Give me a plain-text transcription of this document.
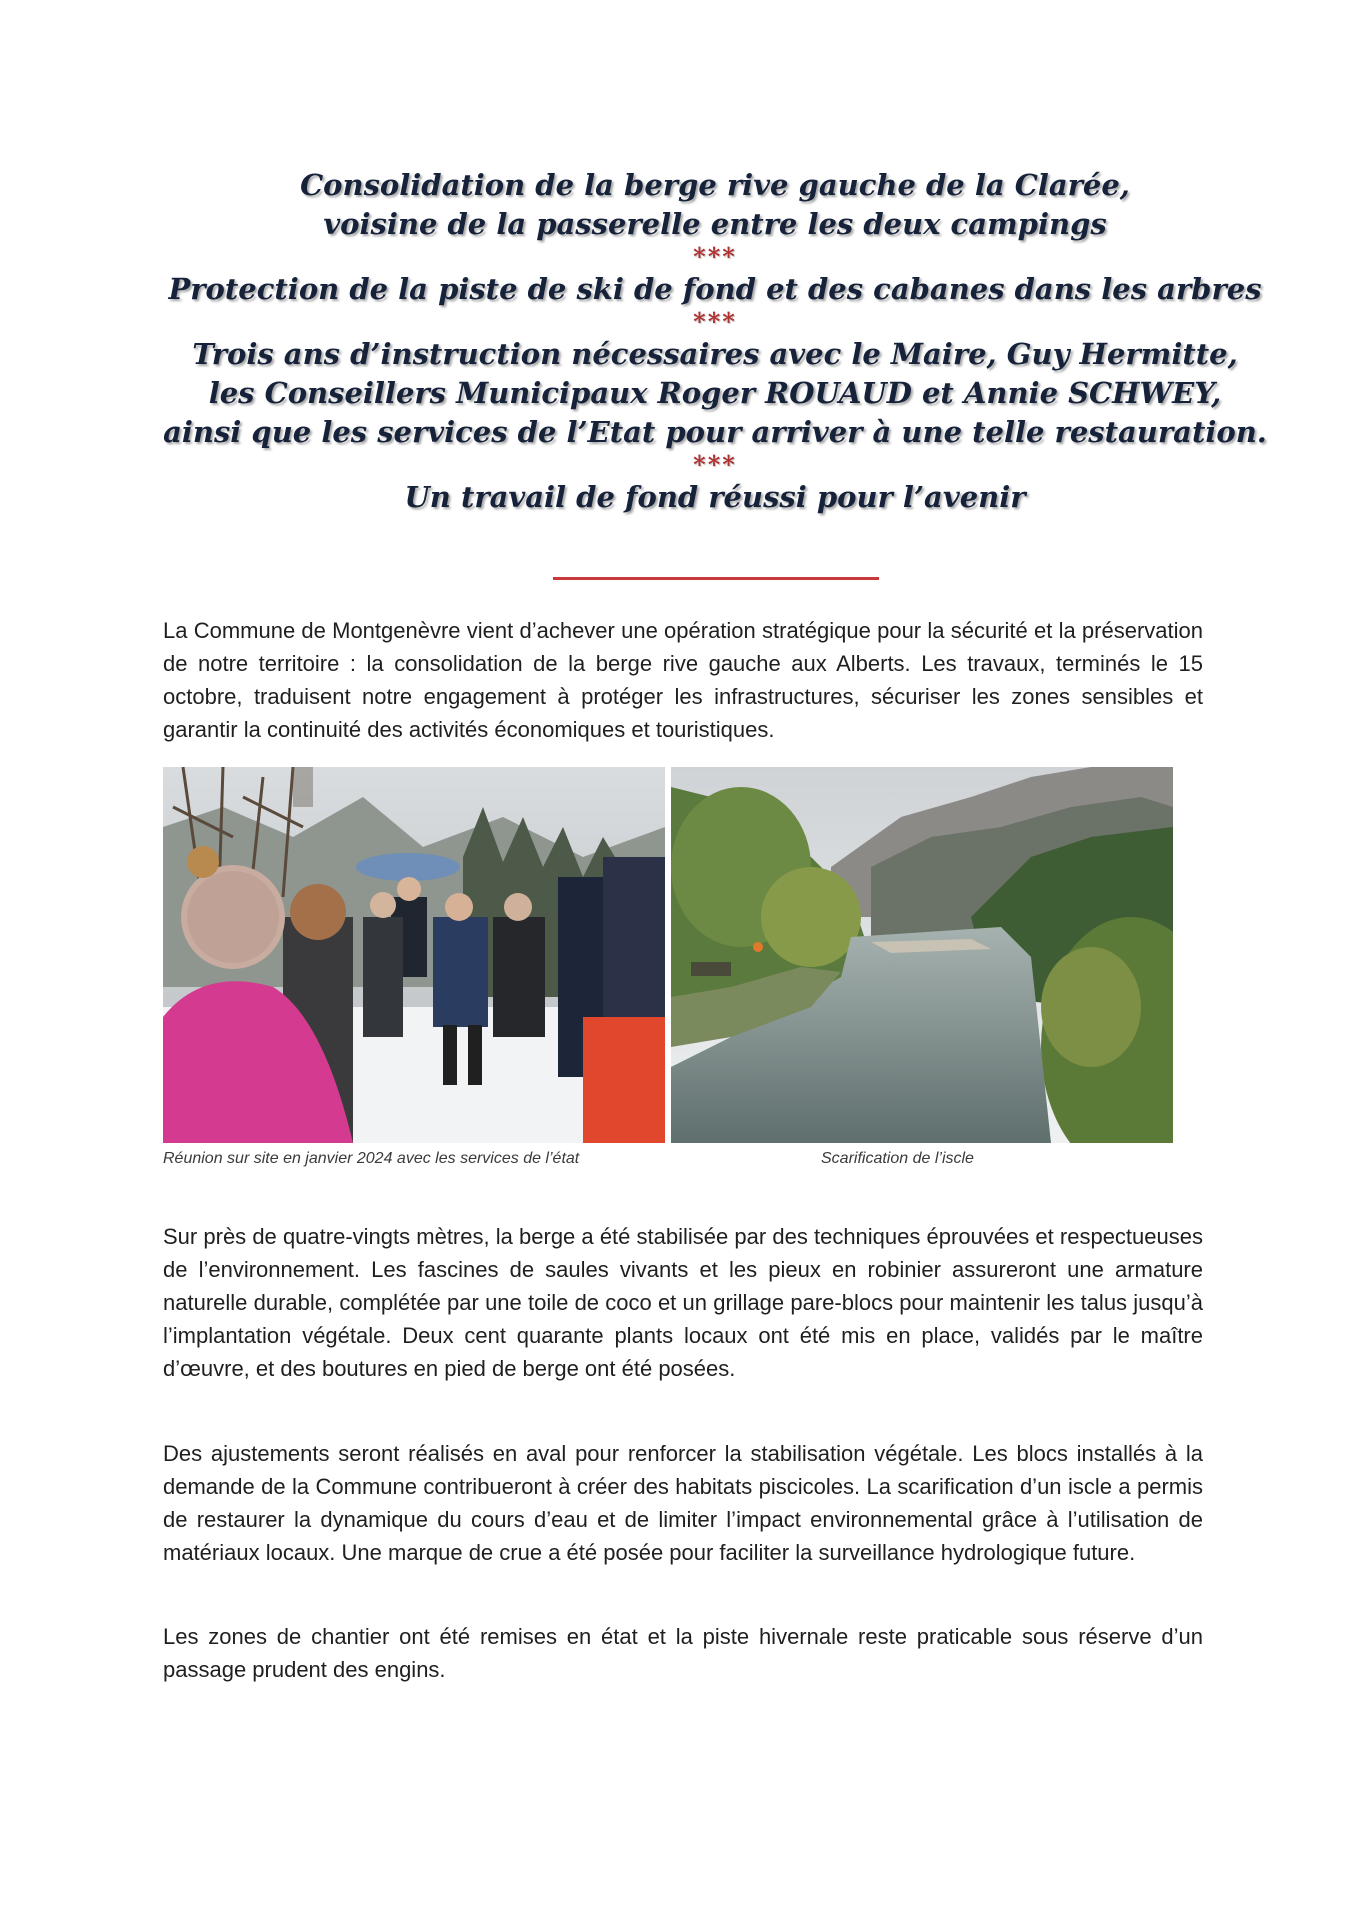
Consolidation de la berge rive gauche de la Clarée,
voisine de la passerelle entre les deux campings
***
Protection de la piste de ski de fond et des cabanes dans les arbres
***
Trois ans d’instruction nécessaires avec le Maire, Guy Hermitte,
les Conseillers Municipaux Roger ROUAUD et Annie SCHWEY,
ainsi que les services de l’Etat pour arriver à une telle restauration.
***
Un travail de fond réussi pour l’avenir

La Commune de Montgenèvre vient d’achever une opération stratégique pour la sécurité et la préservation de notre territoire : la consolidation de la berge rive gauche aux Alberts. Les travaux, terminés le 15 octobre, traduisent notre engagement à protéger les infrastructures, sécuriser les zones sensibles et garantir la continuité des activités économiques et touristiques.

Réunion sur site en janvier 2024 avec les services de l’état	Scarification de l’iscle

Sur près de quatre-vingts mètres, la berge a été stabilisée par des techniques éprouvées et respectueuses de l’environnement. Les fascines de saules vivants et les pieux en robinier assureront une armature naturelle durable, complétée par une toile de coco et un grillage pare-blocs pour maintenir les talus jusqu’à l’implantation végétale. Deux cent quarante plants locaux ont été mis en place, validés par le maître d’œuvre, et des boutures en pied de berge ont été posées.

Des ajustements seront réalisés en aval pour renforcer la stabilisation végétale. Les blocs installés à la demande de la Commune contribueront à créer des habitats piscicoles. La scarification d’un iscle a permis de restaurer la dynamique du cours d’eau et de limiter l’impact environnemental grâce à l’utilisation de matériaux locaux. Une marque de crue a été posée pour faciliter la surveillance hydrologique future.

Les zones de chantier ont été remises en état et la piste hivernale reste praticable sous réserve d’un passage prudent des engins.
